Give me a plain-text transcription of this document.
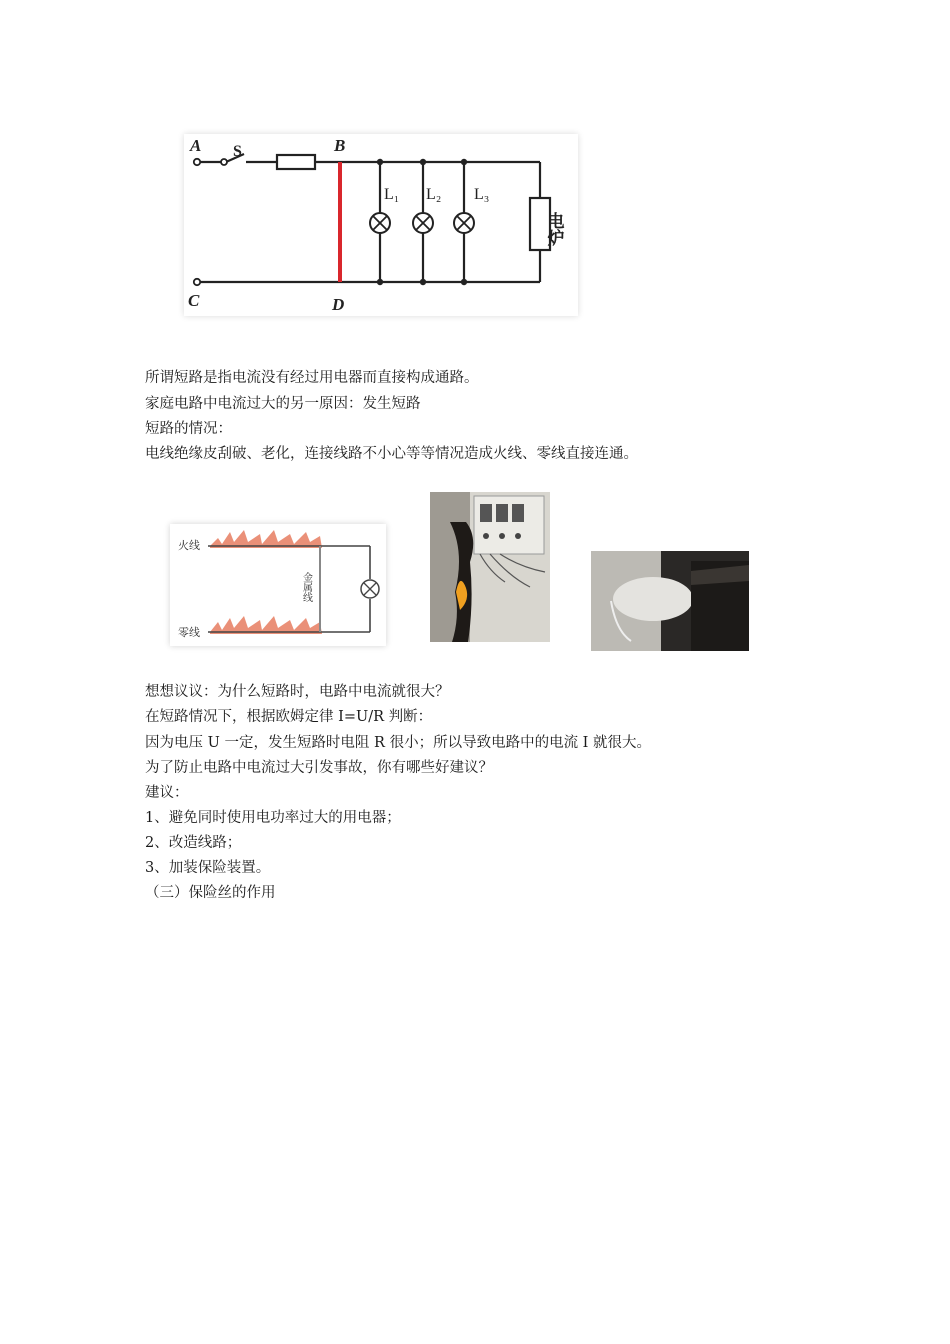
A	B
C	D
S
L₁ L₂ L₃
电炉
所谓短路是指电流没有经过用电器而直接构成通路。
家庭电路中电流过大的另一原因：发生短路
短路的情况：
电线绝缘皮刮破、老化，连接线路不小心等等情况造成火线、零线直接连通。
火线
零线
金属线
想想议议：为什么短路时，电路中电流就很大？
在短路情况下，根据欧姆定律 I=U/R 判断：
因为电压 U 一定，发生短路时电阻 R 很小；所以导致电路中的电流 I 就很大。
为了防止电路中电流过大引发事故，你有哪些好建议？
建议：
1、避免同时使用电功率过大的用电器；
2、改造线路；
3、加装保险装置。
（三）保险丝的作用
